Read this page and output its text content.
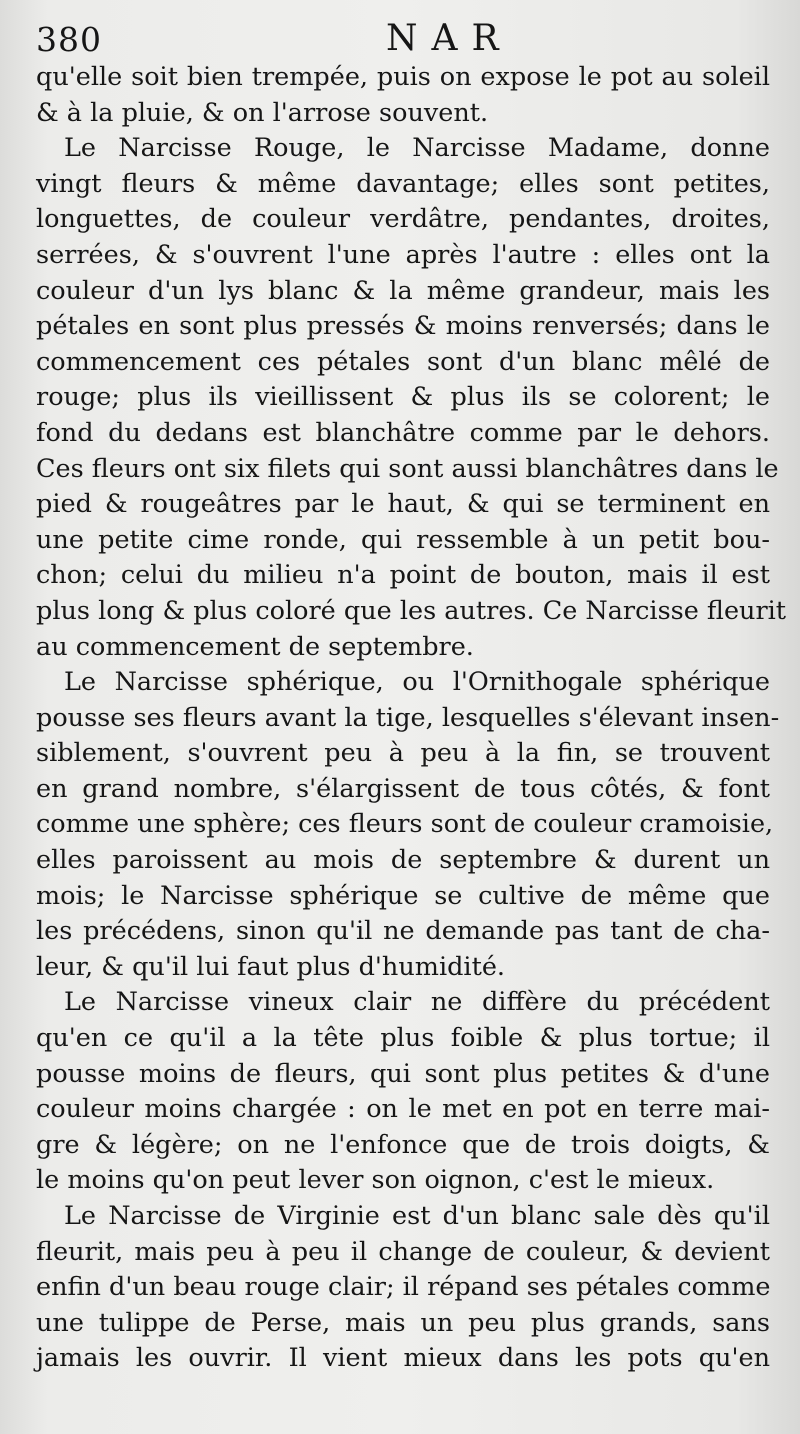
380	NAR
qu'elle soit bien trempée, puis on expose le pot au soleil
& à la pluie, & on l'arrose souvent.
Le Narcisse Rouge, le Narcisse Madame, donne
vingt fleurs & même davantage; elles sont petites,
longuettes, de couleur verdâtre, pendantes, droites,
serrées, & s'ouvrent l'une après l'autre : elles ont la
couleur d'un lys blanc & la même grandeur, mais les
pétales en sont plus pressés & moins renversés; dans le
commencement ces pétales sont d'un blanc mêlé de
rouge; plus ils vieillissent & plus ils se colorent; le
fond du dedans est blanchâtre comme par le dehors.
Ces fleurs ont six filets qui sont aussi blanchâtres dans le
pied & rougeâtres par le haut, & qui se terminent en
une petite cime ronde, qui ressemble à un petit bou-
chon; celui du milieu n'a point de bouton, mais il est
plus long & plus coloré que les autres. Ce Narcisse fleurit
au commencement de septembre.
Le Narcisse sphérique, ou l'Ornithogale sphérique
pousse ses fleurs avant la tige, lesquelles s'élevant insen-
siblement, s'ouvrent peu à peu à la fin, se trouvent
en grand nombre, s'élargissent de tous côtés, & font
comme une sphère; ces fleurs sont de couleur cramoisie,
elles paroissent au mois de septembre & durent un
mois; le Narcisse sphérique se cultive de même que
les précédens, sinon qu'il ne demande pas tant de cha-
leur, & qu'il lui faut plus d'humidité.
Le Narcisse vineux clair ne diffère du précédent
qu'en ce qu'il a la tête plus foible & plus tortue; il
pousse moins de fleurs, qui sont plus petites & d'une
couleur moins chargée : on le met en pot en terre mai-
gre & légère; on ne l'enfonce que de trois doigts, &
le moins qu'on peut lever son oignon, c'est le mieux.
Le Narcisse de Virginie est d'un blanc sale dès qu'il
fleurit, mais peu à peu il change de couleur, & devient
enfin d'un beau rouge clair; il répand ses pétales comme
une tulippe de Perse, mais un peu plus grands, sans
jamais les ouvrir. Il vient mieux dans les pots qu'en
